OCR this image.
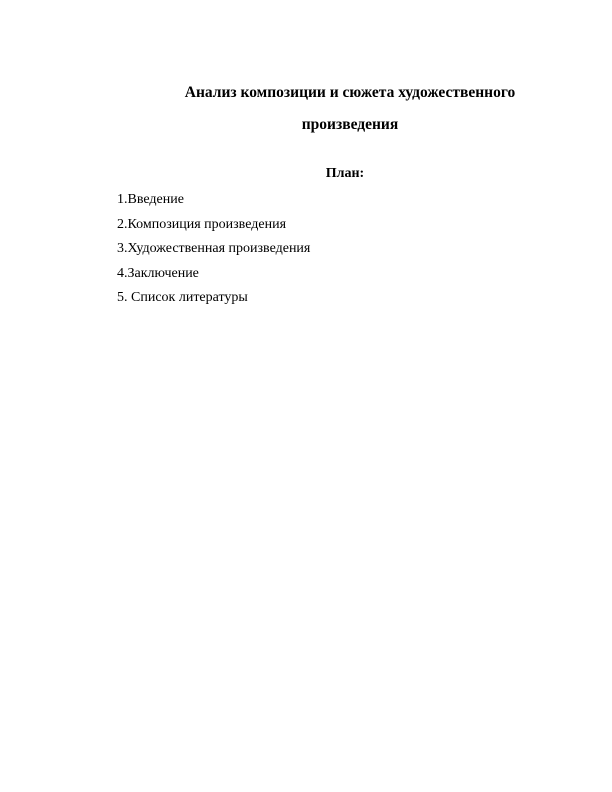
Анализ композиции и сюжета художественного
произведения
План:
1.Введение
2.Композиция произведения
3.Художественная произведения
4.Заключение
5. Список литературы
